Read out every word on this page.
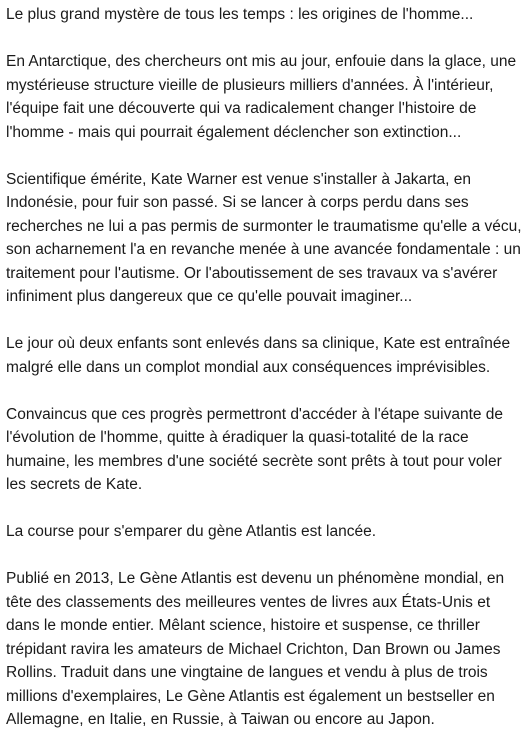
Le plus grand mystère de tous les temps : les origines de l'homme...

En Antarctique, des chercheurs ont mis au jour, enfouie dans la glace, une mystérieuse structure vieille de plusieurs milliers d'années. À l'intérieur, l'équipe fait une découverte qui va radicalement changer l'histoire de l'homme - mais qui pourrait également déclencher son extinction...

Scientifique émérite, Kate Warner est venue s'installer à Jakarta, en Indonésie, pour fuir son passé. Si se lancer à corps perdu dans ses recherches ne lui a pas permis de surmonter le traumatisme qu'elle a vécu, son acharnement l'a en revanche menée à une avancée fondamentale : un traitement pour l'autisme. Or l'aboutissement de ses travaux va s'avérer infiniment plus dangereux que ce qu'elle pouvait imaginer...

Le jour où deux enfants sont enlevés dans sa clinique, Kate est entraînée malgré elle dans un complot mondial aux conséquences imprévisibles.

Convaincus que ces progrès permettront d'accéder à l'étape suivante de l'évolution de l'homme, quitte à éradiquer la quasi-totalité de la race humaine, les membres d'une société secrète sont prêts à tout pour voler les secrets de Kate.

La course pour s'emparer du gène Atlantis est lancée.

Publié en 2013, Le Gène Atlantis est devenu un phénomène mondial, en tête des classements des meilleures ventes de livres aux États-Unis et dans le monde entier. Mêlant science, histoire et suspense, ce thriller trépidant ravira les amateurs de Michael Crichton, Dan Brown ou James Rollins. Traduit dans une vingtaine de langues et vendu à plus de trois millions d'exemplaires, Le Gène Atlantis est également un bestseller en Allemagne, en Italie, en Russie, à Taiwan ou encore au Japon.
